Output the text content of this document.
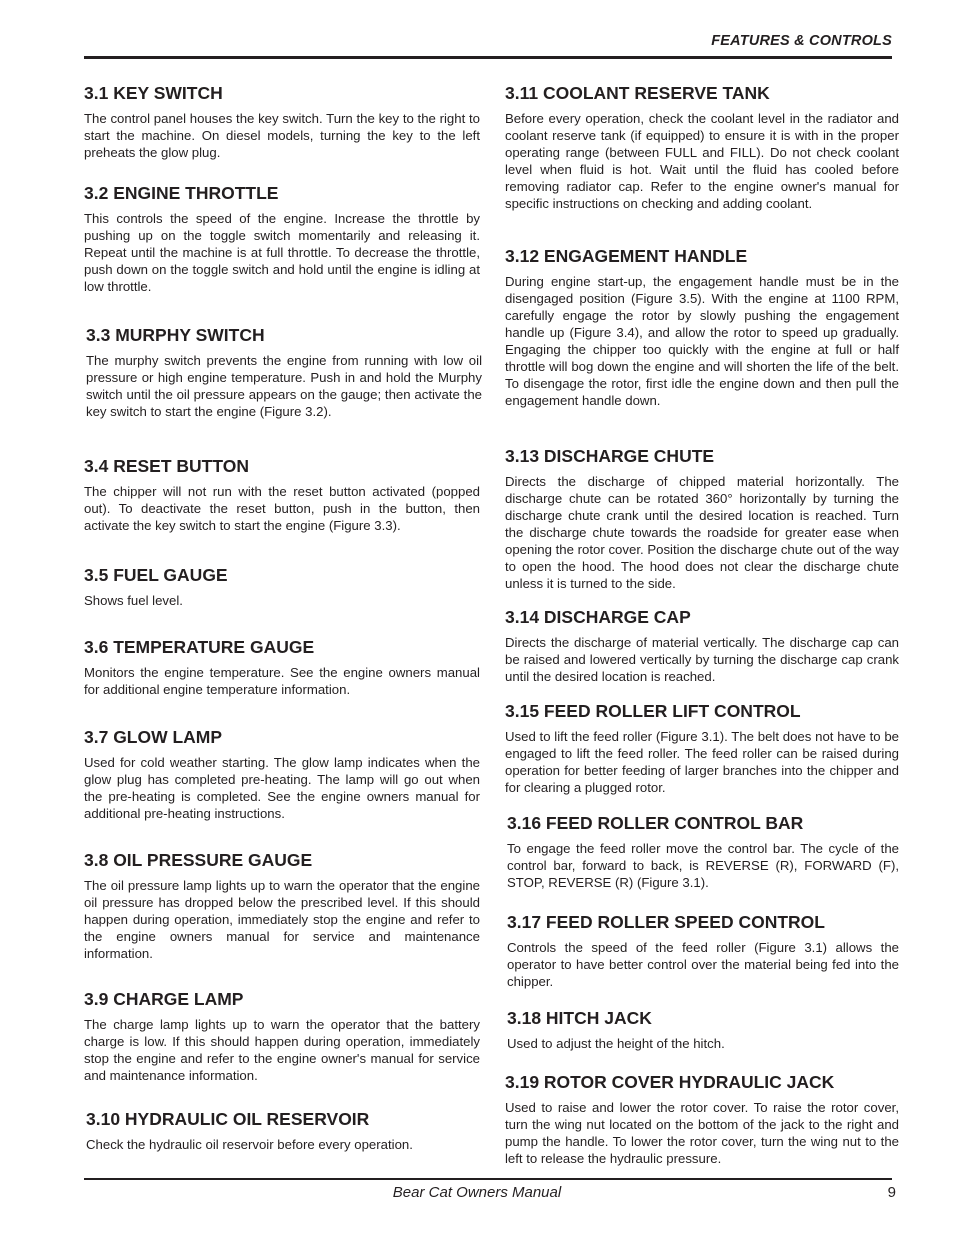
FEATURES & CONTROLS
3.1 KEY SWITCH

The control panel houses the key switch. Turn the key to the right to start the machine. On diesel models, turning the key to the left preheats the glow plug.

3.2 ENGINE THROTTLE

This controls the speed of the engine. Increase the throttle by pushing up on the toggle switch momentarily and releasing it. Repeat until the machine is at full throttle. To decrease the throttle, push down on the toggle switch and hold until the engine is idling at low throttle.

3.3 MURPHY SWITCH

The murphy switch prevents the engine from running with low oil pressure or high engine temperature. Push in and hold the Murphy switch until the oil pressure appears on the gauge; then activate the key switch to start the engine (Figure 3.2).

3.4 RESET BUTTON

The chipper will not run with the reset button activated (popped out). To deactivate the reset button, push in the button, then activate the key switch to start the engine (Figure 3.3).

3.5 FUEL GAUGE

Shows fuel level.

3.6 TEMPERATURE GAUGE

Monitors the engine temperature. See the engine owners manual for additional engine temperature information.

3.7 GLOW LAMP

Used for cold weather starting. The glow lamp indicates when the glow plug has completed pre-heating. The lamp will go out when the pre-heating is completed. See the engine owners manual for additional pre-heating instructions.

3.8 OIL PRESSURE GAUGE

The oil pressure lamp lights up to warn the operator that the engine oil pressure has dropped below the prescribed level. If this should happen during operation, immediately stop the engine and refer to the engine owners manual for service and maintenance information.

3.9 CHARGE LAMP

The charge lamp lights up to warn the operator that the battery charge is low. If this should happen during operation, immediately stop the engine and refer to the engine owner's manual for service and maintenance information.

3.10 HYDRAULIC OIL RESERVOIR

Check the hydraulic oil reservoir before every operation.

3.11 COOLANT RESERVE TANK

Before every operation, check the coolant level in the radiator and coolant reserve tank (if equipped) to ensure it is with in the proper operating range (between FULL and FILL). Do not check coolant level when fluid is hot. Wait until the fluid has cooled before removing radiator cap. Refer to the engine owner's manual for specific instructions on checking and adding coolant.

3.12 ENGAGEMENT HANDLE

During engine start-up, the engagement handle must be in the disengaged position (Figure 3.5). With the engine at 1100 RPM, carefully engage the rotor by slowly pushing the engagement handle up (Figure 3.4), and allow the rotor to speed up gradually. Engaging the chipper too quickly with the engine at full or half throttle will bog down the engine and will shorten the life of the belt. To disengage the rotor, first idle the engine down and then pull the engagement handle down.

3.13 DISCHARGE CHUTE

Directs the discharge of chipped material horizontally. The discharge chute can be rotated 360° horizontally by turning the discharge chute crank until the desired location is reached. Turn the discharge chute towards the roadside for greater ease when opening the rotor cover. Position the discharge chute out of the way to open the hood. The hood does not clear the discharge chute unless it is turned to the side.

3.14 DISCHARGE CAP

Directs the discharge of material vertically. The discharge cap can be raised and lowered vertically by turning the discharge cap crank until the desired location is reached.

3.15 FEED ROLLER LIFT CONTROL

Used to lift the feed roller (Figure 3.1). The belt does not have to be engaged to lift the feed roller. The feed roller can be raised during operation for better feeding of larger branches into the chipper and for clearing a plugged rotor.

3.16 FEED ROLLER CONTROL BAR

To engage the feed roller move the control bar. The cycle of the control bar, forward to back, is REVERSE (R), FORWARD (F), STOP, REVERSE (R) (Figure 3.1).

3.17 FEED ROLLER SPEED CONTROL

Controls the speed of the feed roller (Figure 3.1) allows the operator to have better control over the material being fed into the chipper.

3.18 HITCH JACK

Used to adjust the height of the hitch.

3.19 ROTOR COVER HYDRAULIC JACK

Used to raise and lower the rotor cover. To raise the rotor cover, turn the wing nut located on the bottom of the jack to the right and pump the handle. To lower the rotor cover, turn the wing nut to the left to release the hydraulic pressure.

Bear Cat Owners Manual	9
